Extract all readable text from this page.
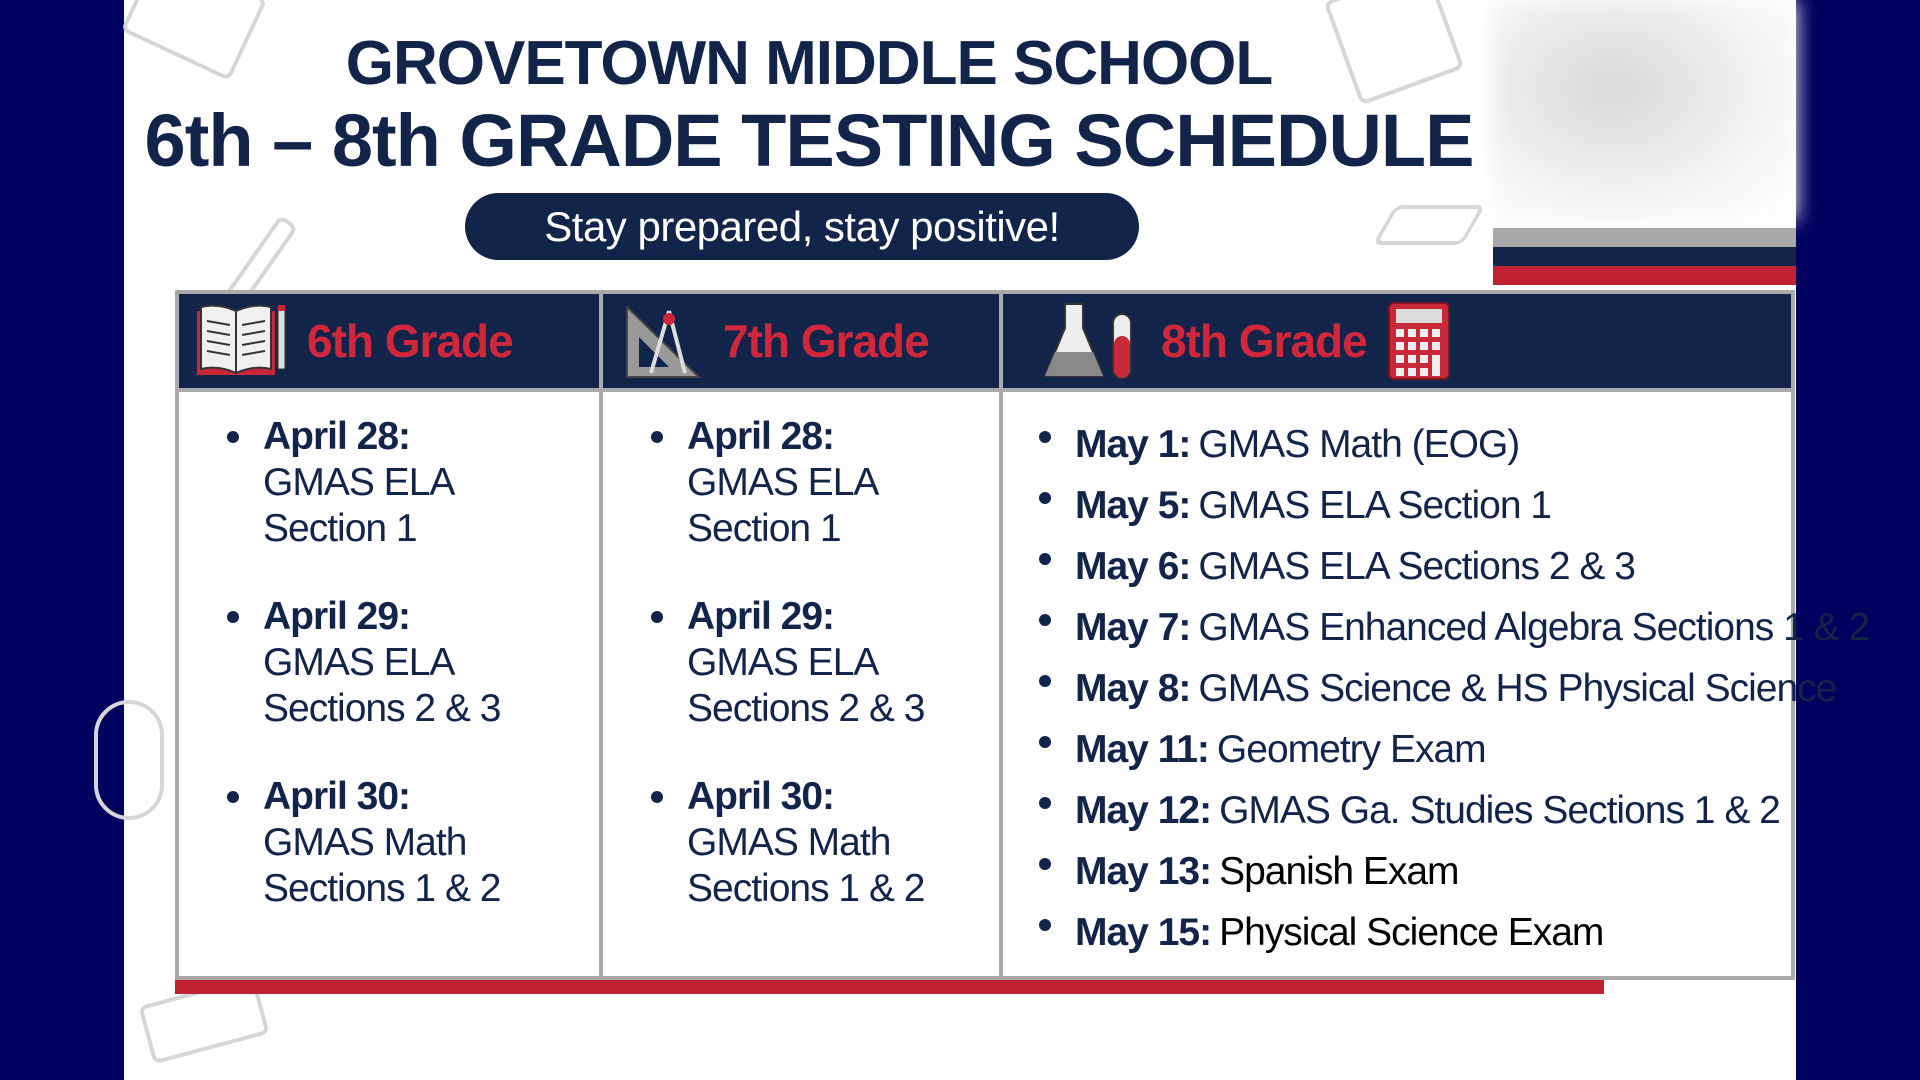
GROVETOWN MIDDLE SCHOOL
6th – 8th GRADE TESTING SCHEDULE
Stay prepared, stay positive!
6th Grade	7th Grade	8th Grade
April 28:
GMAS ELA
Section 1
April 29:
GMAS ELA
Sections 2 & 3
April 30:
GMAS Math
Sections 1 & 2
April 28:
GMAS ELA
Section 1
April 29:
GMAS ELA
Sections 2 & 3
April 30:
GMAS Math
Sections 1 & 2
May 1: GMAS Math (EOG)
May 5: GMAS ELA Section 1
May 6: GMAS ELA Sections 2 & 3
May 7: GMAS Enhanced Algebra Sections 1 & 2
May 8: GMAS Science & HS Physical Science
May 11: Geometry Exam
May 12: GMAS Ga. Studies Sections 1 & 2
May 13: Spanish Exam
May 15: Physical Science Exam
